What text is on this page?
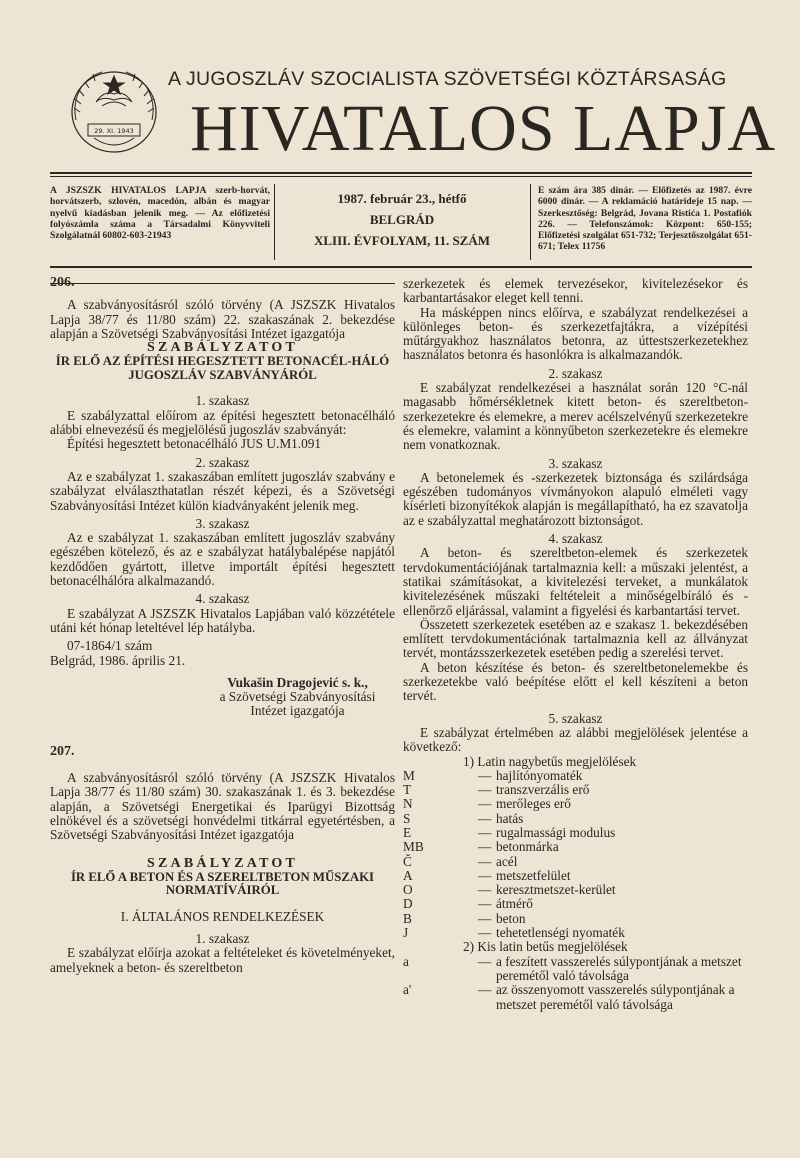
29. XI. 1943
A JUGOSZLÁV SZOCIALISTA SZÖVETSÉGI KÖZTÁRSASÁG
HIVATALOS LAPJA
A JSZSZK HIVATALOS LAPJA szerb-horvát, horvátszerb, szlovén, macedón, albán és magyar nyelvű kiadásban jelenik meg. — Az előfizetési folyószámla száma a Társadalmi Könyvviteli Szolgálatnál 60802-603-21943
1987. február 23., hétfő
BELGRÁD
XLIII. ÉVFOLYAM, 11. SZÁM
E szám ára 385 dinár. — Előfizetés az 1987. évre 6000 dinár. — A reklamáció határideje 15 nap. — Szerkesztőség: Belgrád, Jovana Ristića 1. Postafiók 226. — Telefonszámok: Központ: 650-155; Előfizetési szolgálat 651-732; Terjesztőszolgálat 651-671; Telex 11756

206.

A szabványosításról szóló törvény (A JSZSZK Hivatalos Lapja 38/77 és 11/80 szám) 22. szakaszának 2. bekezdése alapján a Szövetségi Szabványosítási Intézet igazgatója

SZABÁLYZATOT

ÍR ELŐ AZ ÉPÍTÉSI HEGESZTETT BETONACÉL-HÁLÓ JUGOSZLÁV SZABVÁNYÁRÓL

1. szakasz

E szabályzattal előírom az építési hegesztett betonacélháló alábbi elnevezésű és megjelölésű jugoszláv szabványát:

Építési hegesztett betonacélháló JUS U.M1.091

2. szakasz

Az e szabályzat 1. szakaszában említett jugoszláv szabvány e szabályzat elválaszthatatlan részét képezi, és a Szövetségi Szabványosítási Intézet külön kiadványaként jelenik meg.

3. szakasz

Az e szabályzat 1. szakaszában említett jugoszláv szabvány egészében kötelező, és az e szabályzat hatálybalépése napjától kezdődően gyártott, illetve importált építési hegesztett betonacélhálóra alkalmazandó.

4. szakasz

E szabályzat A JSZSZK Hivatalos Lapjában való közzététele utáni két hónap leteltével lép hatályba.

07-1864/1 szám

Belgrád, 1986. április 21.

Vukašin Dragojević s. k.,

a Szövetségi Szabványosítási

Intézet igazgatója

207.

A szabványosításról szóló törvény (A JSZSZK Hivatalos Lapja 38/77 és 11/80 szám) 30. szakaszának 1. és 3. bekezdése alapján, a Szövetségi Energetikai és Iparügyi Bizottság elnökével és a szövetségi honvédelmi titkárral egyetértésben, a Szövetségi Szabványosítási Intézet igazgatója

SZABÁLYZATOT

ÍR ELŐ A BETON ÉS A SZERELTBETON MŰSZAKI NORMATÍVÁIRÓL

I. ÁLTALÁNOS RENDELKEZÉSEK

1. szakasz

E szabályzat előírja azokat a feltételeket és követelményeket, amelyeknek a beton- és szereltbeton

szerkezetek és elemek tervezésekor, kivitelezésekor és karbantartásakor eleget kell tenni.

Ha másképpen nincs előírva, e szabályzat rendelkezései a különleges beton- és szerkezetfajtákra, a vízépítési műtárgyakhoz használatos betonra, az úttestszerkezetekhez használatos betonra és hasonlókra is alkalmazandók.

2. szakasz

E szabályzat rendelkezései a használat során 120 °C-nál magasabb hőmérsékletnek kitett beton- és szereltbeton-szerkezetekre és elemekre, a merev acélszelvényű szerkezetekre és elemekre, valamint a könnyűbeton szerkezetekre és elemekre nem vonatkoznak.

3. szakasz

A betonelemek és -szerkezetek biztonsága és szilárdsága egészében tudományos vívmányokon alapuló elméleti vagy kísérleti bizonyítékok alapján is megállapítható, ha ez szavatolja az e szabályzattal meghatározott biztonságot.

4. szakasz

A beton- és szereltbeton-elemek és szerkezetek tervdokumentációjának tartalmaznia kell: a műszaki jelentést, a statikai számításokat, a kivitelezési terveket, a munkálatok kivitelezésének műszaki feltételeit a minőségelbíráló és -ellenőrző eljárással, valamint a figyelési és karbantartási tervet.

Összetett szerkezetek esetében az e szakasz 1. bekezdésében említett tervdokumentációnak tartalmaznia kell az állványzat tervét, montázsszerkezetek esetében pedig a szerelési tervet.

A beton készítése és beton- és szereltbetonelemekbe és szerkezetekbe való beépítése előtt el kell készíteni a beton tervét.

5. szakasz

E szabályzat értelmében az alábbi megjelölések jelentése a következő:

1) Latin nagybetűs megjelölések

M	— hajlítónyomaték
T	— transzverzális erő
N	— merőleges erő
S	— hatás
E	— rugalmassági modulus
MB	— betonmárka
Č	— acél
A	— metszetfelület
O	— keresztmetszet-kerület
D	— átmérő
B	— beton
J	— tehetetlenségi nyomaték

2) Kis latin betűs megjelölések

a	— a feszített vasszerelés súlypontjának a metszet peremétől való távolsága
a'	— az összenyomott vasszerelés súlypontjának a metszet peremétől való távolsága
